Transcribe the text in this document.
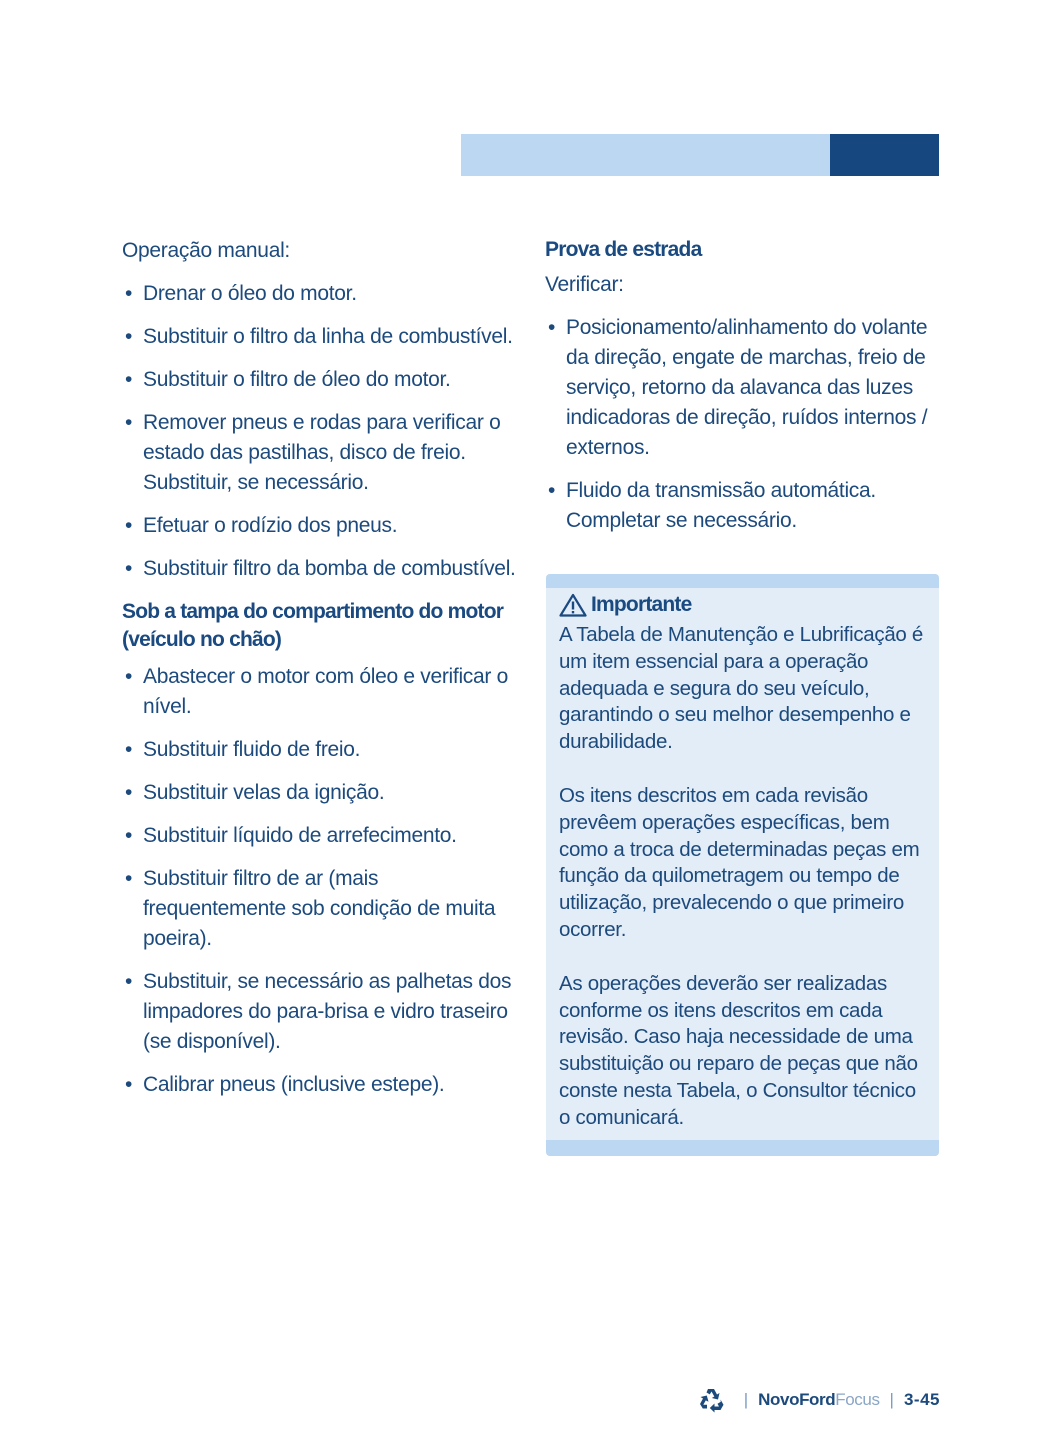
Operação manual:

• Drenar o óleo do motor.
• Substituir o filtro da linha de combustível.
• Substituir o filtro de óleo do motor.
• Remover pneus e rodas para verificar o estado das pastilhas, disco de freio. Substituir, se necessário.
• Efetuar o rodízio dos pneus.
• Substituir filtro da bomba de combustível.

Sob a tampa do compartimento do motor (veículo no chão)

• Abastecer o motor com óleo e verificar o nível.
• Substituir fluido de freio.
• Substituir velas da ignição.
• Substituir líquido de arrefecimento.
• Substituir filtro de ar (mais frequentemente sob condição de muita poeira).
• Substituir, se necessário as palhetas dos limpadores do para-brisa e vidro traseiro (se disponível).
• Calibrar pneus (inclusive estepe).

Prova de estrada

Verificar:

• Posicionamento/alinhamento do volante da direção, engate de marchas, freio de serviço, retorno da alavanca das luzes indicadoras de direção, ruídos internos / externos.
• Fluido da transmissão automática. Completar se necessário.
Importante

A Tabela de Manutenção e Lubrificação é um item essencial para a operação adequada e segura do seu veículo, garantindo o seu melhor desempenho e durabilidade.

Os itens descritos em cada revisão prevêem operações específicas, bem como a troca de determinadas peças em função da quilometragem ou tempo de utilização, prevalecendo o que primeiro ocorrer.

As operações deverão ser realizadas conforme os itens descritos em cada revisão. Caso haja necessidade de uma substituição ou reparo de peças que não conste nesta Tabela, o Consultor técnico o comunicará.

| Novo Ford Focus | 3-45
